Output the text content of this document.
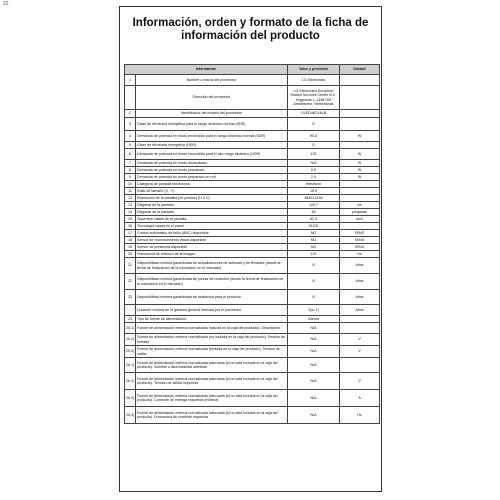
22
Información, orden y formato de la ficha de
información del producto
Información		Valor y precisión	Unidad
1	Nombre o marca del proveedor	LG Electronics	
	Dirección del proveedor	LG Electronics European Shared Services Center B.V., Krijgsman 1, 1186 DM Amstelveen, Netherlands	
2	Identificador del modelo del proveedor	OLED48CX6LB	
3	Clase de eficiencia energética para el rango dinámico normal (SDR)	G	
4	Demanda de potencia en modo encendido para el rango dinámico normal (SDR)	90,8	W
5	Clase de eficiencia energética (HDR)	G	
6	Demanda de potencia en modo encendido para el alto rango dinámico (HDR)	133	W
7	Demanda de potencia en modo desactivado	N/A	W
8	Demanda de potencia en modo preparado	0,5	W
9	Demanda de potencia en modo preparado en red	2,0	W
10	Categoría de pantalla electrónica	televisión	
11	Ratio de tamaño (X : Y)	16:9	
12	Resolución de la pantalla (en píxeles) (H X V)	3840X2160	
13	Diagonal de la pantalla	120,7	cm
14	Diagonal de la pantalla	48	pulgadas
15	Superficie visible de la pantalla	62,3	dm2
16	Tecnología usada en el panel	OLED	
17	Control automático de brillo (ABC) disponible	NO	SÍ/NO
18	Sensor de reconocimiento visual disponible	NO	SÍ/NO
19	Sensor de presencia disponible	NO	SÍ/NO
20	Frecuencia de refresco de la imagen	120	Hz
21	Disponibilidad mínima garantizada de actualizaciones de software y de firmware (desde la fecha de finalización de la colocación en el mercado)	8	Años
22	Disponibilidad mínima garantizada de piezas de recambio (desde la fecha de finalización de la colocación en el mercado)	8	Años
23	Disponibilidad mínima garantizada de asistencia para el producto	8	Años
	Duración mínima de la garantía general ofrecida por el proveedor	2(or 1)	Años
24	Tipo de fuente de alimentación:	Interna	
25.1)	Fuente de alimentación externa normalizada incluida en la caja del producto). Descripción	N/A	
25.2)	Fuente de alimentación externa normalizada (no incluida en la caja del producto). Tensión de entrada	N/A	V
25.3)	Fuente de alimentación externa normalizada (incluida en la caja del producto). Tensión de salida	N/A	V
26.1)	Fuente de alimentación externa normalizada adecuada (si no está incluida en la caja del producto). Nombre o lista estándar admitida	N/A	
26.2)	Fuente de alimentación externa normalizada adecuada (si no está incluida en la caja del producto). Tensión de salida requerida	N/A	V
26.3)	Fuente de alimentación externa normalizada adecuada (si no está incluida en la caja del producto). Corriente de entrega requerida (mínima)	N/A	A
26.4)	Fuente de alimentación externa normalizada adecuada (si no está incluida en la caja del producto). Frecuencia de corriente requerida	N/A	Hz
